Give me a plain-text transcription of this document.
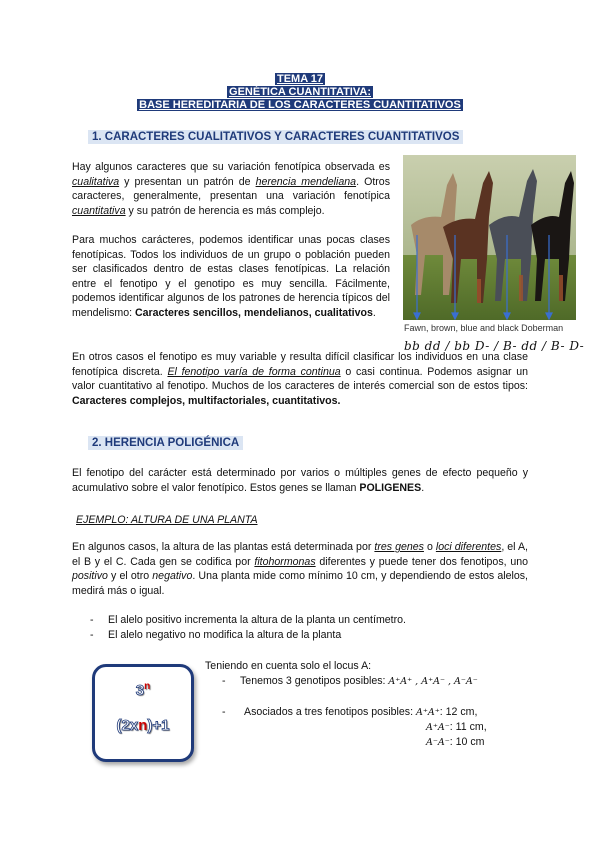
TEMA 17
GENÉTICA CUANTITATIVA:
BASE HEREDITARIA DE LOS CARACTERES CUANTITATIVOS
1. CARACTERES CUALITATIVOS Y CARACTERES CUANTITATIVOS

Hay algunos caracteres que su variación fenotípica observada es cualitativa y presentan un patrón de herencia mendeliana. Otros caracteres, generalmente, presentan una variación fenotípica cuantitativa y su patrón de herencia es más complejo.

Para muchos carácteres, podemos identificar unas pocas clases fenotípicas. Todos los individuos de un grupo o población pueden ser clasificados dentro de estas clases fenotípicas. La relación entre el fenotipo y el genotipo es muy sencilla. Fácilmente, podemos identificar algunos de los patrones de herencia típicos del mendelismo: Caracteres sencillos, mendelianos, cualitativos.

Fawn, brown, blue and black Doberman
bb dd / bb D- / B- dd / B- D-

En otros casos el fenotipo es muy variable y resulta difícil clasificar los individuos en una clase fenotípica discreta. El fenotipo varía de forma continua o casi continua. Podemos asignar un valor cuantitativo al fenotipo. Muchos de los caracteres de interés comercial son de estos tipos: Caracteres complejos, multifactoriales, cuantitativos.

2. HERENCIA POLIGÉNICA

El fenotipo del carácter está determinado por varios o múltiples genes de efecto pequeño y acumulativo sobre el valor fenotípico. Estos genes se llaman POLIGENES.

EJEMPLO: ALTURA DE UNA PLANTA

En algunos casos, la altura de las plantas está determinada por tres genes o loci diferentes, el A, el B y el C. Cada gen se codifica por fitohormonas diferentes y puede tener dos fenotipos, uno positivo y el otro negativo. Una planta mide como mínimo 10 cm, y dependiendo de estos alelos, medirá más o igual.

- El alelo positivo incrementa la altura de la planta un centímetro.
- El alelo negativo no modifica la altura de la planta
3$^n$
(2xn)+1
Teniendo en cuenta solo el locus A:
- Tenemos 3 genotipos posibles: A⁺A⁺ , A⁺A⁻ , A⁻A⁻
- Asociados a tres fenotipos posibles: A⁺A⁺: 12 cm,
A⁺A⁻: 11 cm,
A⁻A⁻: 10 cm
